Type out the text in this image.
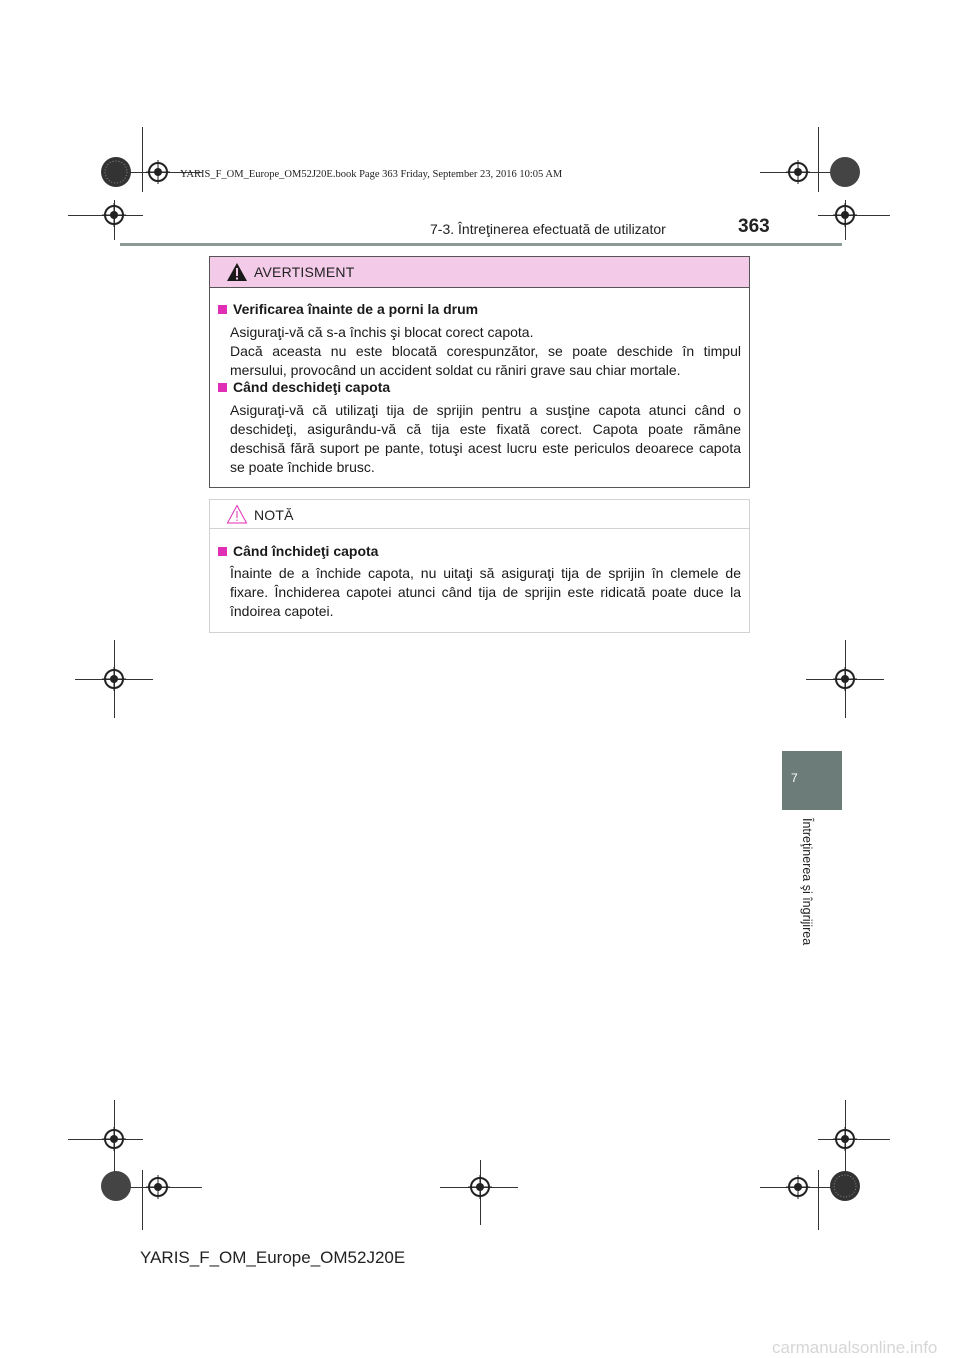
YARIS_F_OM_Europe_OM52J20E.book Page 363 Friday, September 23, 2016 10:05 AM
7-3. Întreţinerea efectuată de utilizator	363
7
Întreţinerea şi îngrijirea
AVERTISMENT
Verificarea înainte de a porni la drum
Asiguraţi-vă că s-a închis şi blocat corect capota.
Dacă aceasta nu este blocată corespunzător, se poate deschide în timpul mersului, provocând un accident soldat cu răniri grave sau chiar mortale.
Când deschideţi capota
Asiguraţi-vă că utilizaţi tija de sprijin pentru a susţine capota atunci când o deschideţi, asigurându-vă că tija este fixată corect. Capota poate rămâne deschisă fără suport pe pante, totuşi acest lucru este periculos deoarece capota se poate închide brusc.
NOTĂ
Când închideţi capota
Înainte de a închide capota, nu uitaţi să asiguraţi tija de sprijin în clemele de fixare. Închiderea capotei atunci când tija de sprijin este ridicată poate duce la îndoirea capotei.
YARIS_F_OM_Europe_OM52J20E
carmanualsonline.info
